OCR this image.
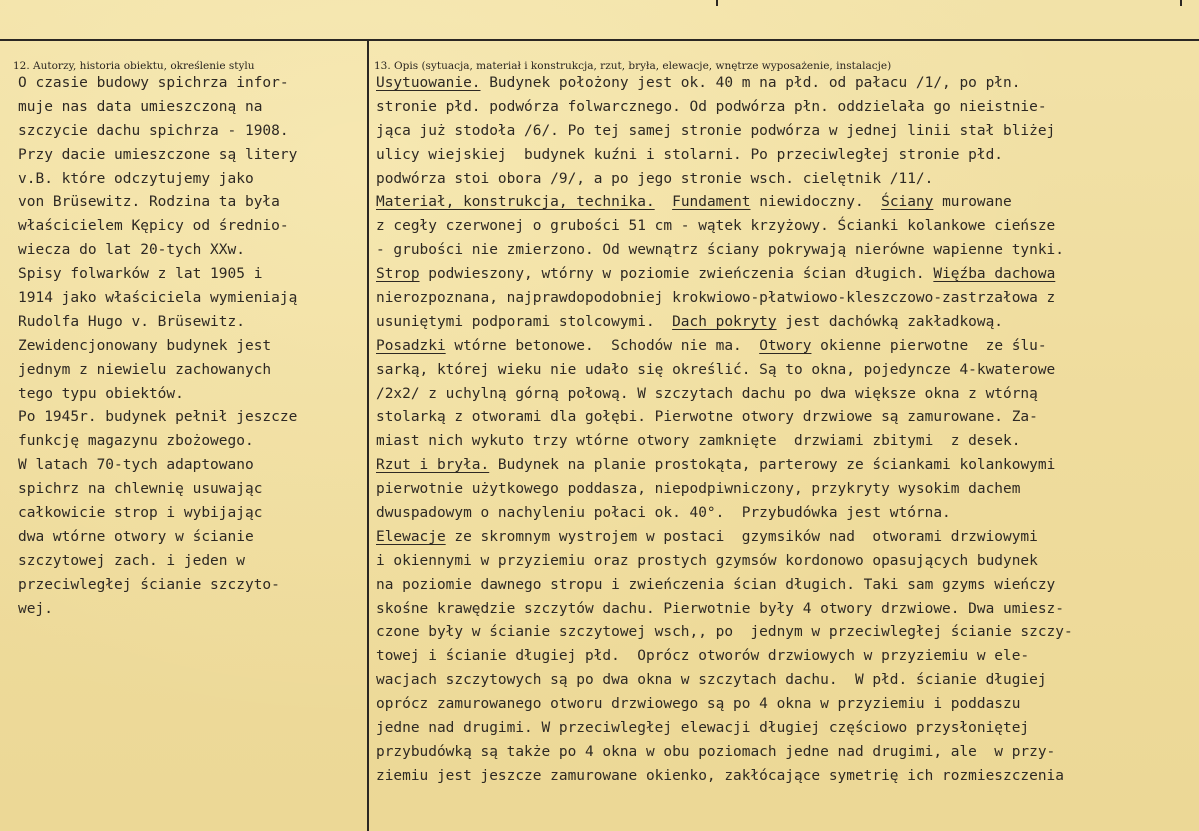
12. Autorzy, historia obiektu, określenie stylu	13. Opis (sytuacja, materiał i konstrukcja, rzut, bryła, elewacje, wnętrze wyposażenie, instalacje)
O czasie budowy spichrza infor-
muje nas data umieszczoną na
szczycie dachu spichrza - 1908.
Przy dacie umieszczone są litery
v.B. które odczytujemy jako
von Brüsewitz. Rodzina ta była
właścicielem Kępicy od średnio-
wiecza do lat 20-tych XXw.
Spisy folwarków z lat 1905 i
1914 jako właściciela wymieniają
Rudolfa Hugo v. Brüsewitz.
Zewidencjonowany budynek jest
jednym z niewielu zachowanych
tego typu obiektów.
Po 1945r. budynek pełnił jeszcze
funkcję magazynu zbożowego.
W latach 70-tych adaptowano
spichrz na chlewnię usuwając
całkowicie strop i wybijając
dwa wtórne otwory w ścianie
szczytowej zach. i jeden w
przeciwległej ścianie szczyto-
wej.
Usytuowanie. Budynek położony jest ok. 40 m na płd. od pałacu /1/, po płn.
stronie płd. podwórza folwarcznego. Od podwórza płn. oddzielała go nieistnie-
jąca już stodoła /6/. Po tej samej stronie podwórza w jednej linii stał bliżej
ulicy wiejskiej  budynek kuźni i stolarni. Po przeciwległej stronie płd.
podwórza stoi obora /9/, a po jego stronie wsch. cielętnik /11/.
Materiał, konstrukcja, technika. Fundament niewidoczny.  Ściany murowane
z cegły czerwonej o grubości 51 cm - wątek krzyżowy. Ścianki kolankowe cieńsze
- grubości nie zmierzono. Od wewnątrz ściany pokrywają nierówne wapienne tynki.
Strop podwieszony, wtórny w poziomie zwieńczenia ścian długich. Więźba dachowa
nierozpoznana, najprawdopodobniej krokwiowo-płatwiowo-kleszczowo-zastrzałowa z
usuniętymi podporami stolcowymi.  Dach pokryty jest dachówką zakładkową.
Posadzki wtórne betonowe.  Schodów nie ma.  Otwory okienne pierwotne  ze ślu-
sarką, której wieku nie udało się określić. Są to okna, pojedyncze 4-kwaterowe
/2x2/ z uchylną górną połową. W szczytach dachu po dwa większe okna z wtórną
stolarką z otworami dla gołębi. Pierwotne otwory drzwiowe są zamurowane. Za-
miast nich wykuto trzy wtórne otwory zamknięte  drzwiami zbitymi  z desek.
Rzut i bryła. Budynek na planie prostokąta, parterowy ze ściankami kolankowymi
pierwotnie użytkowego poddasza, niepodpiwniczony, przykryty wysokim dachem
dwuspadowym o nachyleniu połaci ok. 40°.  Przybudówka jest wtórna.
Elewacje ze skromnym wystrojem w postaci  gzymsików nad  otworami drzwiowymi
i okiennymi w przyziemiu oraz prostych gzymsów kordonowo opasujących budynek
na poziomie dawnego stropu i zwieńczenia ścian długich. Taki sam gzyms wieńczy
skośne krawędzie szczytów dachu. Pierwotnie były 4 otwory drzwiowe. Dwa umiesz-
czone były w ścianie szczytowej wsch,, po  jednym w przeciwległej ścianie szczy-
towej i ścianie długiej płd.  Oprócz otworów drzwiowych w przyziemiu w ele-
wacjach szczytowych są po dwa okna w szczytach dachu.  W płd. ścianie długiej
oprócz zamurowanego otworu drzwiowego są po 4 okna w przyziemiu i poddaszu
jedne nad drugimi. W przeciwległej elewacji długiej częściowo przysłoniętej
przybudówką są także po 4 okna w obu poziomach jedne nad drugimi, ale  w przy-
ziemiu jest jeszcze zamurowane okienko, zakłócające symetrię ich rozmieszczenia
